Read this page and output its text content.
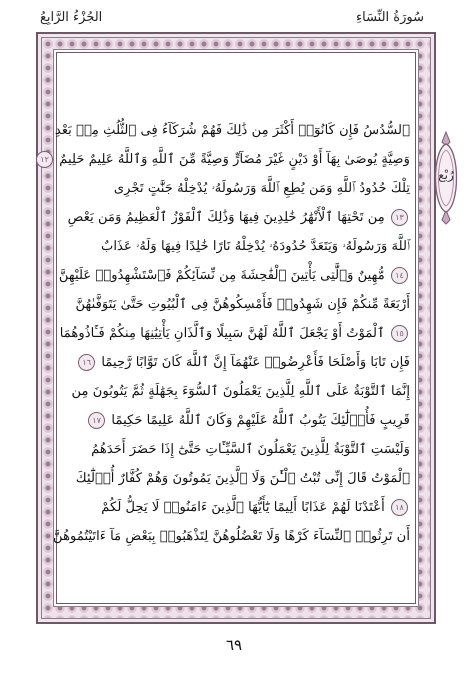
سُورَةُ النِّسَاءِ
الجُزْءُ الرَّابِعُ
ٱلسُّدُسُ فَإِن كَانُوٓا۟ أَكْثَرَ مِن ذَٰلِكَ فَهُمْ شُرَكَآءُ فِى ٱلثُّلُثِ مِنۢ بَعْدِ
وَصِيَّةٍ يُوصَىٰ بِهَآ أَوْ دَيْنٍ غَيْرَ مُضَآرٍّ وَصِيَّةً مِّنَ ٱللَّهِ وَٱللَّهُ عَلِيمٌ حَلِيمٌ ١٢
تِلْكَ حُدُودُ ٱللَّهِ وَمَن يُطِعِ ٱللَّهَ وَرَسُولَهُۥ يُدْخِلْهُ جَنَّٰتٍ تَجْرِى
١٣ مِن تَحْتِهَا ٱلْأَنْهَٰرُ خَٰلِدِينَ فِيهَا وَذَٰلِكَ ٱلْفَوْزُ ٱلْعَظِيمُ وَمَن يَعْصِ
ٱللَّهَ وَرَسُولَهُۥ وَيَتَعَدَّ حُدُودَهُۥ يُدْخِلْهُ نَارًا خَٰلِدًا فِيهَا وَلَهُۥ عَذَابٌ
١٤ مُّهِينٌ وَٱلَّٰتِى يَأْتِينَ ٱلْفَٰحِشَةَ مِن نِّسَآئِكُمْ فَٱسْتَشْهِدُوا۟ عَلَيْهِنَّ
أَرْبَعَةً مِّنكُمْ فَإِن شَهِدُوا۟ فَأَمْسِكُوهُنَّ فِى ٱلْبُيُوتِ حَتَّىٰ يَتَوَفَّىٰهُنَّ
١٥ ٱلْمَوْتُ أَوْ يَجْعَلَ ٱللَّهُ لَهُنَّ سَبِيلًا وَٱلَّذَانِ يَأْتِيَٰنِهَا مِنكُمْ فَـَٔاذُوهُمَا
فَإِن تَابَا وَأَصْلَحَا فَأَعْرِضُوا۟ عَنْهُمَآ إِنَّ ٱللَّهَ كَانَ تَوَّابًا رَّحِيمًا ١٦
إِنَّمَا ٱلتَّوْبَةُ عَلَى ٱللَّهِ لِلَّذِينَ يَعْمَلُونَ ٱلسُّوٓءَ بِجَهَٰلَةٍ ثُمَّ يَتُوبُونَ مِن
قَرِيبٍ فَأُو۟لَٰٓئِكَ يَتُوبُ ٱللَّهُ عَلَيْهِمْ وَكَانَ ٱللَّهُ عَلِيمًا حَكِيمًا ١٧
وَلَيْسَتِ ٱلتَّوْبَةُ لِلَّذِينَ يَعْمَلُونَ ٱلسَّيِّـَٔاتِ حَتَّىٰٓ إِذَا حَضَرَ أَحَدَهُمُ
ٱلْمَوْتُ قَالَ إِنِّى تُبْتُ ٱلْـَٰٔنَ وَلَا ٱلَّذِينَ يَمُوتُونَ وَهُمْ كُفَّارٌ أُو۟لَٰٓئِكَ
١٨ أَعْتَدْنَا لَهُمْ عَذَابًا أَلِيمًا يَٰٓأَيُّهَا ٱلَّذِينَ ءَامَنُوا۟ لَا يَحِلُّ لَكُمْ
أَن تَرِثُوا۟ ٱلنِّسَآءَ كَرْهًا وَلَا تَعْضُلُوهُنَّ لِتَذْهَبُوا۟ بِبَعْضِ مَآ ءَاتَيْتُمُوهُنَّ
رُبْع
٦٩
